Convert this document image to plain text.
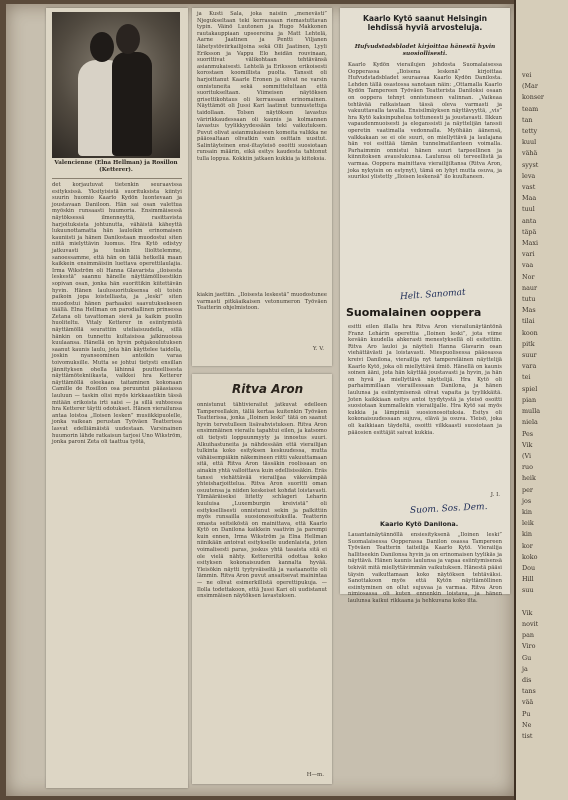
Valencienne (Elna Hellman) ja Rosillon (Ketterer).
det korjautuvat tietenkin seuraavissa esityksissä. Yksityisistä suorituksista kiintyi suurin huomio Kaarlo Kydön luontevaan ja joustavaan Daniloon. Hän sai osan valettua myöskin runsaasti huumoria. Ensimmäisessä näytöksessä ilmenneyttä, rasittavista harjoituksista johtunutta, vähäistä käheyttä lukuunottamatta hän lauloikin erinomaisen kauniisti ja hänen Danilostaan muodostui siten niitä mielyttävin luomus. Hra Kytö edistyy jatkuvasti ja tuskin lliolttelemme, sanoessamme, että hän on tällä hetkellä maan kaikkein ensimmäisiin luettava operettilaulajia. Irma Wikström oli Hanna Glavarista „iloisesta leskestä” saannu hänelle näyttämöllisestikin sopivan osan, jonka hän suorittikin kiitettävän hyvin. Hänen laulusuorituksensa oli toisin paikoin jopa loistelliasta, ja „leski” siten muodostui hänen parhaaksi saavutuksekseen täällä. Elna Hellman on parodiallinen prinsessa Zetana oli tavattoman sievä ja kaikin puolin huoliteltu. Vitaly Ketterer in esiintymistä näyttämöllä seurattiin uteliaisuudella, sillä hänkin on tunnettu kultaisissa jalkinuoissa kuulaansa. Hänellä on hyvin pohjakoulutuksen saanut kaunis laulu, jota hän käyttelee taidolla, joskin nyanseominen antoikin varaa toivomuksille. Mutta se johtui tietysti ensillan jännityksen ohella lähinnä puutteellisesta näyttämötekniikasta, valkkei hra Ketterer näyttämöllä oleekaan taitaminen kokonaan Camille de Rosillon osa peruuntui pääasiassa lauluun — taskin olisi myös kirkkaastikin tässä mitään erikoista irti saisi — ja sillä suhteessa hra Ketterer täytti odotukset. Hänen vierailunsa antaa loistoa „Iloisen lesken” musiikkipuolelle, jonka vaikean perustan Työväen Teatterissa lasvat edelliämäistä uudestaan. Varsinainen huumorin lähde ratkaisun tarjosi Uno Wikström, jonka paroni Zeta oli taattua työtä,
ja Kusti Sala, joka naisiin „menevästi” Njegukseltaan teki kerrassaan riemastuttavan typin. Väinö Luutonen ja Hugo Makkonen rautakauppiaan upseereina ja Matt Lehtelä, Aarne Jaatinen ja Pentti Viljanen lähetystöviirkailijoina sekä Olli Jaatinen, Lyyli Eriksson ja Vappu Elo heidän rouvinaan, suorittivat välikohtaan tehtävänsä asianmukaisesti. Lehtelä ja Eriksson erikoisesti korostaen koomillista puolta. Tanssit oli harjoittanut Kaarle Eronen ja olivat ne varsin onnistuneita sekä sommittelultaan että suoritukseltaan. Viimeisen näytöksen grisettikohtaus oli kerrassaan erinomainen. Näyttämöt oli Jussi Kari laatinut tunnustettuja taidollaan. Tolsen näytöksen lavastus väririkkaudessaan oli kaunis ja kolmannen lavastus tyylikkyydessään teki vaikutuksen. Puvut olivat asianmukaiseen komeita valikka ne pääosaltaan olivatkin vain osittain uusitut. Salintäyteinen ensi-iltayleisö osoitti suosiotaan runsain määrin, eikä esitys kaudesta tahtonut tulla loppua. Kokkiin jatkaen kukkia ja kiitoksia.
kiakin jaettiin. „Iloisesta leskestä” muodostunee varmasti pitkäaikaisen vetonumeron Työväen Teatterin ohjelmistoon.
Y. V.
Ritva Aron
onnistunut tähtivierailut jatkuvat edelleen Tampereellakin, tällä kertaa kuitenkin Työväen Teatterissa, jonka „Iloinen leski” tätä on saanut hyvin tervetulleen lisävahvistuksen. Ritva Aron ensimmäinen vierailu tapahtui eilen, ja katsomo oli tietysti loppuunmyyty ja innostus suuri. Alkuihastuneita ja nähdessään että vierailijan tulkinta koko esityksen keskuudessa, mutta vähäisempiäkin näkemineen riitti vakuuttamaan sitä, että Ritva Aron tässäkin roolissaan on ainakin yhtä valloittava kuin edellisissäkin. Eräs tanssi viehättävää vierailijaa väkevämpää yhteisharjoittelua. Ritva Aron suoritti oman osuutensa ja niiden keskeiset kohdat loistavasti. Ylimääräiseksi liitetty schlageri Leharin kuuluisa „Luxemburgin kreivistä” oli esityksellisesti onnistunut sekin ja palkittiin myös runsailla suosionosoituksilla. Teatterin omasta seitsiköstä on mainittava, että Kaarlo Kytö on Danilona kaikkein vaativin ja parempi kuin ennen, Irma Wikström ja Elna Hellman niinikään antoivat esitykselle uudenlaista, joten voimalisesti paras, joskus yhtä tasaista sitä ei ole vielä nähty. Kettereriltä odottaa koko esityksen kokonaisuuden kannalta hyvää. Yleisökin näytti tyytyväiseltä ja vastaanotto oli lämmin. Ritva Aron puvut ansaitsevat mainintaa — ne olivat esimerkillistä operettipukuja. — Ilolla todettakoon, että Jussi Kari oli uudistanut ensimmäisen näytöksen lavastuksen.
H—m.
Kaarlo Kytö saanut Helsingin lehdissä hyviä arvosteluja.
Hufvudstadsbladet kirjoittaa hänestä hyvin suosiollisesti.
Kaarlo Kydön vierailujen johdosta Suomalaisessa Oopperassa „Iloisena leskenä” kirjoittaa Hufvudstadsbladet seuraavaa Kaarlo Kydön Danilosta. Lehden tällä osastossa sanotaan näin: „Ottamalla Kaarlo Kydön Tampereen Työväen Teatterista Daniloksi osaan on ooppera tehnyt onnistuneen valinnan. „Vaikeaa tehtävää ratkaistaan tässä oleva varmasti ja vakuuttavalla tavalla. Ensisilmäyksen näyttävyyttä, „vis” hra Kytö kaksinpuhelua tottuneesti ja joustavasti. Ilkkun vapaudenmuoisesti ja eleganssisti ja näyttelijän tanssii operetin vaatimalla vedonnalla. Myöhään äänensä, valkkakaan se ei ole suuri, on miellyttävä ja laulajana hän voi esittää tämän tunnelmatilanteen voimalla. Parhaimmin onnistui hänen suuri tarpeellinen ja kiinnitoksen avauslukunsa. Laulunsa oli terveellistä ja varmaa. Ooppera mainittava vierailijiltansa (Ritva Aron, joka nykyisin on estynyt), tämä on lyhyt mutta osuva, ja suuriksi ylistetty „Iloisen leskensä” ilo kuultaneen.
Helt. Sanomat
Suomalainen ooppera
esitti eilen illalla hra Ritva Aron vierailunäytäntönä Franz Lehárin operettia „Iloinen leski”, jota viime kevään kuudella ahkerasti menestyksellä oli esitettiin. Ritva Aro lauloi ja näytteli Hanna Glavarin osan viehättävästi ja loistavasti. Miespuolisessa pääosassa kreivi Danilona, vierailija nyt tampereläinen näyttelijä Kaarlo Kytö, joka oli miellyttävä ilmiö. Hänellä on kaunis soinen ääni, jota hän käyttää joustavasti ja hyvin, ja hän on hyvä ja miellyttävä näyttelijä. Hra Kytö oli parhaimmillaan vieraillessaan Danilona, ja hänen laulunsa ja esiintymisensä olivat vapaita ja tyylikkäitä. Joten kaikkiaan esitys antoi tyydytystä ja yleisö osoitti suosiotaan kummallekin vierailijalle. Hra Kytö sai myös kukkia ja lämpimiä suosionosoituksia. Esitys oli kokonaisuudessaan sujuva, elävä ja osuva. Yleisö, joka oli kaikkiaan täydeltä, osoitti vilkkaasti suosiotaan ja pääosien esittäjät saivat kukkia.
J. I.
Suom. Sos. Dem.
Kaarlo Kytö Danilona.
Lauantainäytännöllä ensiesityksenä „Iloinen leski” Suomalaisessa Oopperassa Danilon osassa Tampereen Työväen Teatterin taiteilija Kaarlo Kytö. Vierailija hallitseekin Danilonsa hyvin ja on erinomaisen tyylikäs ja näyttävä. Hänen kaunis laulunsa ja vapaa esiintymisensä tekivät mitä miellyttävimmän vaikutuksen. Hänestä pääsi täysin vaikuttamaan koko näytöksen tehtäväksi. Sanottakoon myös että Kytön näyttämöllinen esiintyminen on ollut sujuvaa ja varmaa. Ritva Aron nimiosassa oli kuten ennenkin loistava, ja hänen laulunsa kaikui rikkaana ja hehkuvana koko ilta.
vei
(Mar
konser
team
tan
tetty
kuul
vähä
syyst
leva
vast
Maa
tuul
anta
täpä
Maxi
vari
vaa
Nor
naur
tutu
Mas
tilai
koon
pitk
suur
vara
tei
spiel
pian
mulla
niela
Pes
Vik
(Vi
ruo
heik
per
jos
kin
leik
kin
kor
koko
Dou
Hill
suu

Vik
novit
pan
Viro
Gu
ja
dis
tans
vää
Pu
Ne
tist
